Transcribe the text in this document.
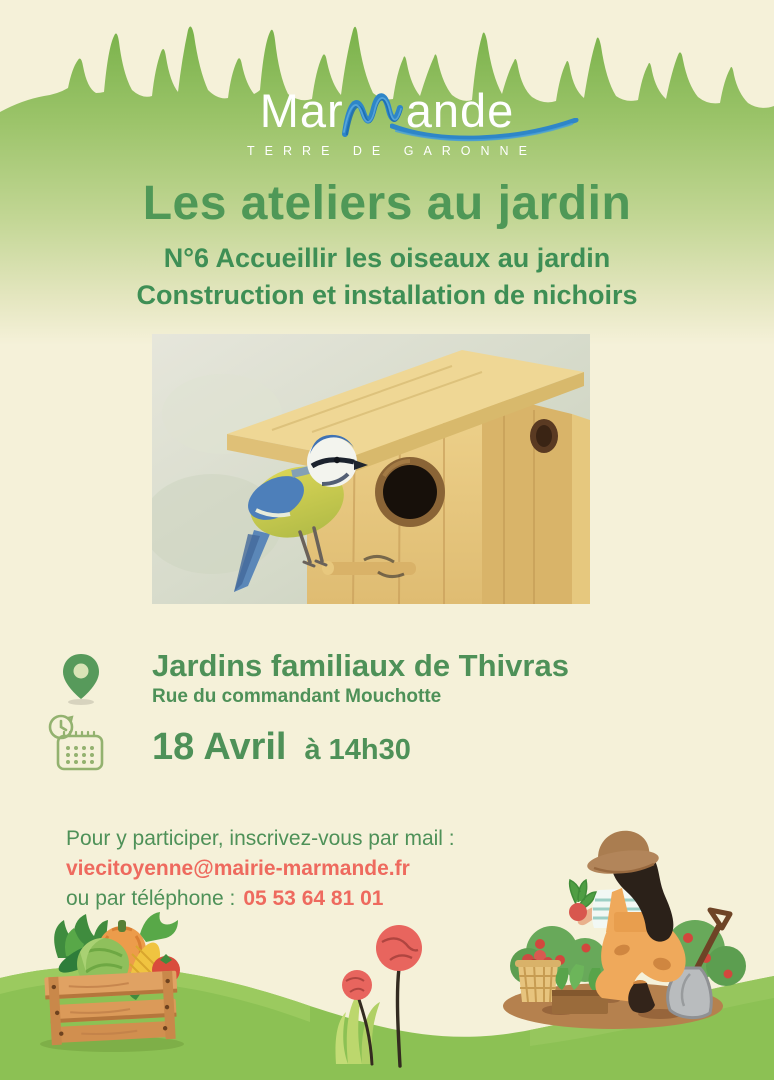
Mar ande
TERRE DE GARONNE
Les ateliers au jardin
N°6 Accueillir les oiseaux au jardin
Construction et installation de nichoirs
Jardins familiaux de Thivras
Rue du commandant Mouchotte
18 Avril à 14h30
Pour y participer, inscrivez-vous par mail :
viecitoyenne@mairie-marmande.fr
ou par téléphone : 05 53 64 81 01
